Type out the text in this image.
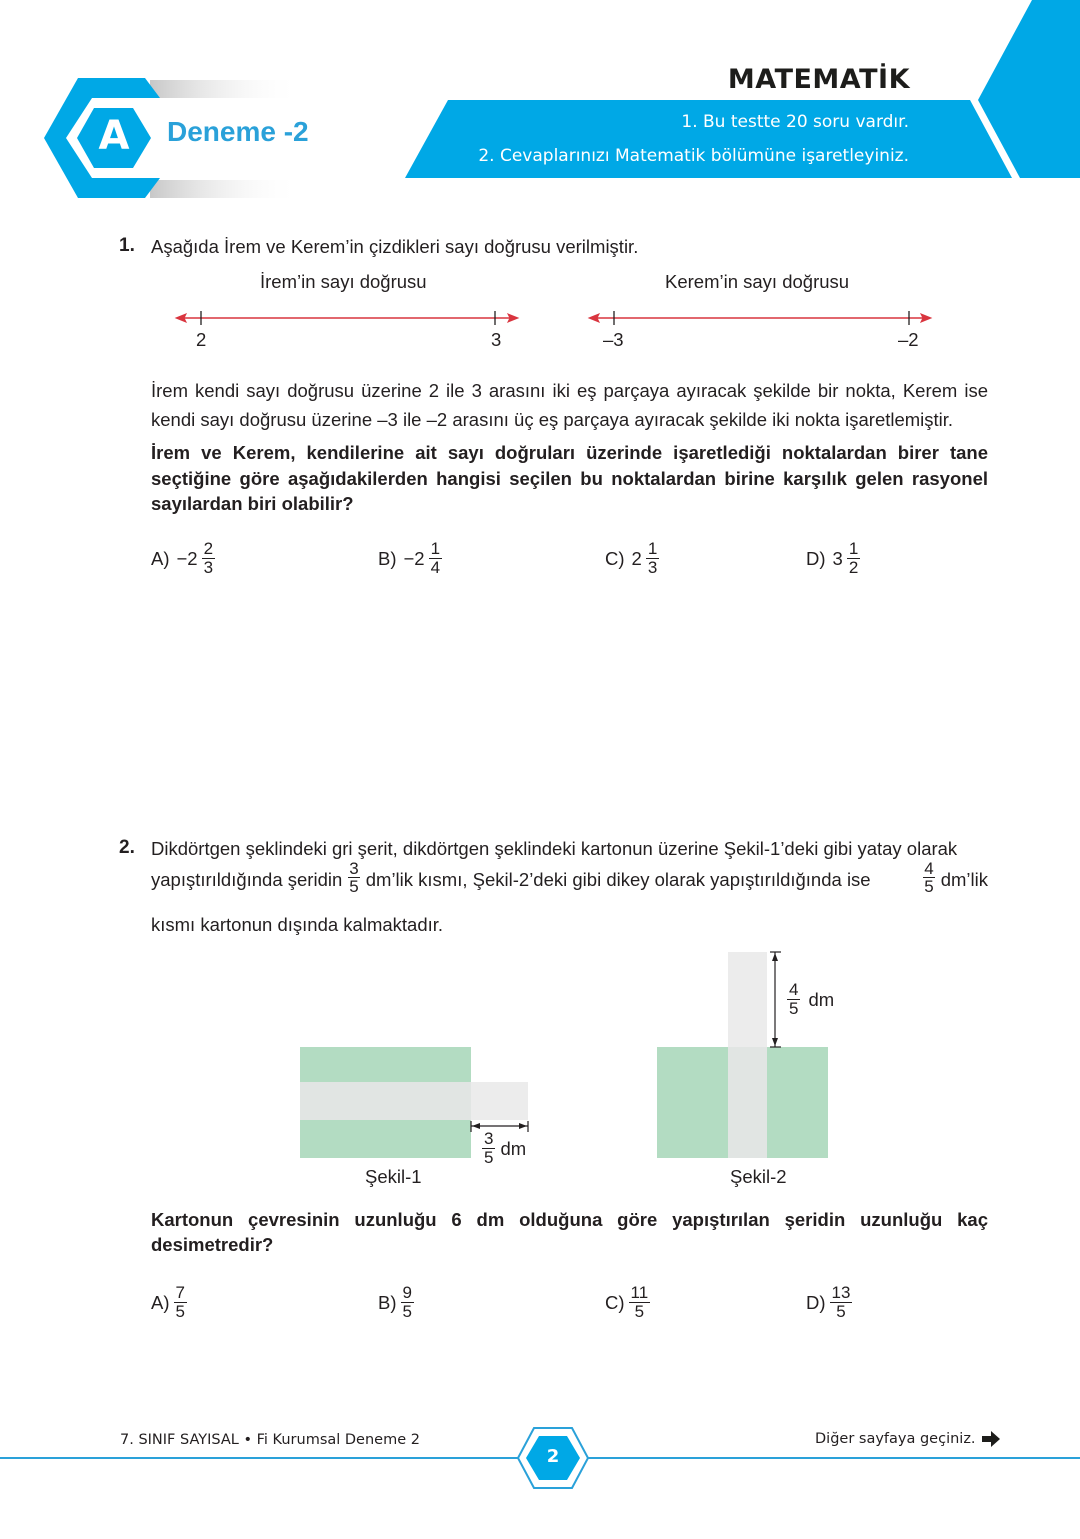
A Deneme -2
MATEMATİK
1. Bu testte 20 soru vardır.
2. Cevaplarınızı Matematik bölümüne işaretleyiniz.
1. Aşağıda İrem ve Kerem’in çizdikleri sayı doğrusu verilmiştir.
İrem’in sayı doğrusu	Kerem’in sayı doğrusu
2	3	–3	–2
İrem kendi sayı doğrusu üzerine 2 ile 3 arasını iki eş parçaya ayıracak şekilde bir nokta, Kerem ise kendi sayı doğrusu üzerine –3 ile –2 arasını üç eş parçaya ayıracak şekilde iki nokta işaretlemiştir.
İrem ve Kerem, kendilerine ait sayı doğruları üzerinde işaretlediği noktalardan birer tane seçtiğine göre aşağıdakilerden hangisi seçilen bu noktalardan birine karşılık gelen rasyonel sayılardan biri olabilir?
$A) -2 \frac{2}{3}$	$B) -2 \frac{1}{4}$	C) $2 \frac{1}{3}$	D) $3 \frac{1}{2}$
2. Dikdörtgen şeklindeki gri şerit, dikdörtgen şeklindeki kartonun üzerine Şekil-1’deki gibi yatay olarak
yapıştırıldığında şeridin $\frac{3}{5}$ dm’lik kısmı, Şekil-2’deki gibi dikey olarak yapıştırıldığında ise	$\frac{4}{5}$ dm’lik
kısmı kartonun dışında kalmaktadır.
$\frac{3}{5}$ dm
$\frac{4}{5}$ dm
Şekil-1	Şekil-2
Kartonun çevresinin uzunluğu 6 dm olduğuna göre yapıştırılan şeridin uzunluğu kaç desimetredir?
$A) \frac{7}{5}$	$B) \frac{9}{5}$	$C) \frac{11}{5}$	$D) \frac{13}{5}$
7. SINIF SAYISAL • Fi Kurumsal Deneme 2
2
Diğer sayfaya geçiniz.
